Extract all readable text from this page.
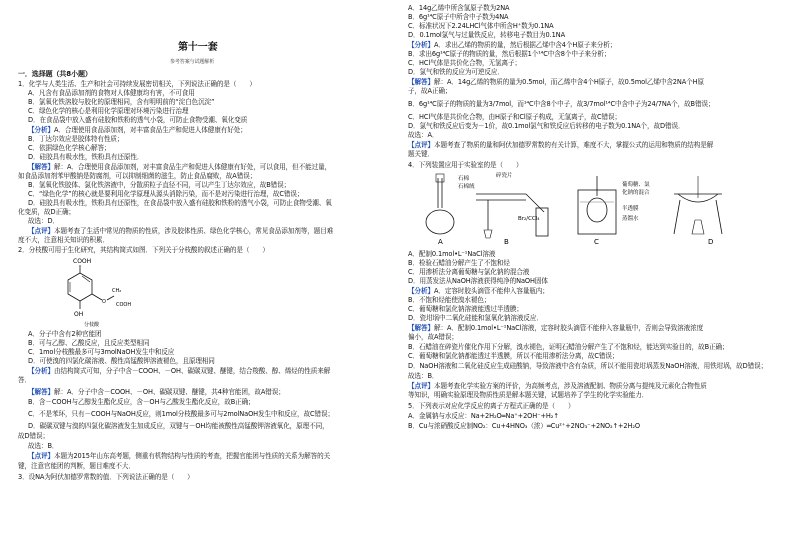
第十一套
参考答案与试题解析
一．选择题（共8小题）
1．化学与人类生活、生产和社会可持续发展密切相关，下列说法正确的是（　　）
A．凡含有食品添加剂的食物对人体健康均有害，不可食用
B．氯氧化铁溶胶与胶化的原理相同，含有明明前的“淀白色沉淀”
C．绿色化学的核心是利用化学原理对环境污染进行治理
D．在食品袋中放入盛有硅胶和铁粉的透气小袋，可防止食物受潮、氧化变质
【分析】A．合理使用食品添加剂，对丰富食品生产和促进人体健康有好处；
B．丁达尔效应是胶体特有性质；
C．依据绿色化学核心解答；
D．硅胶具有吸水性，铁粉具有还原性．
【解答】解：A．合理使用食品添加剂，对丰富食品生产和促进人体健康有好处，可以食用，但不能过量，
如食品添加剂苯甲酸钠是防腐剂，可以抑制细菌的滋生，防止食品腐败，故A错误；
B．氢氧化铁胶体、氯化铁溶液中，分散质粒子直径不同，可以产生丁达尔效应，故B错误；
C．“绿色化学”的核心就是要利用化学原理从源头消除污染，而不是对污染进行治理，故C错误；
D．硅胶具有吸水性，铁粉具有还原性，在食品袋中放入盛有硅胶和铁粉的透气小袋，可防止食物受潮、氧
化变质，故D正确；
故选：D．
【点评】本题考查了生活中常见的物质的性质，涉及胶体性质、绿色化学核心，常见食品添加剂等，题目难
度不大，注意相关知识的积累．
2．分枝酸可用于生化研究，其结构简式如图．下列关于分枝酸的叙述正确的是（　　）
COOH
O
CH₂
COOH
OH
分枝酸
A．分子中含有2种官能团
B．可与乙醇、乙酸反应，且反应类型相同
C．1mol分枝酸最多可与3molNaOH发生中和反应
D．可使溴的四氯化碳溶液、酸性高锰酸钾溶液褪色，且原理相同
【分析】由结构简式可知，分子中含－COOH、－OH、碳碳双键、醚键，结合羧酸、醇、烯烃的性质来解
答．
【解答】解：A．分子中含－COOH、－OH、碳碳双键、醚键，共4种官能团，故A错误；
B．含－COOH与乙醇发生酯化反应，含－OH与乙酸发生酯化反应，故B正确；
C．不是苯环，只有－COOH与NaOH反应，则1mol分枝酸最多可与2molNaOH发生中和反应，故C错误；
D．碳碳双键与溴的四氯化碳溶液发生加成反应，双键与－OH均能被酸性高锰酸钾溶液氧化，原理不同，
故D错误；
故选：B．
【点评】本题为2015年山东高考题，侧重有机物结构与性质的考查，把握官能团与性质的关系为解答的关
键，注意官能团的判断，题目难度不大．
3．设NA为阿伏加德罗常数的值．下列说法正确的是（　　）
A．14g乙烯中所含氢原子数为2NA
B．6g¹⁴C原子中所含中子数为4NA
C．标准状况下2.24LHCl气体中所含H⁺数为0.1NA
D．0.1mol氯气与过量铁反应，转移电子数目为0.1NA
【分析】A．求出乙烯的物质的量，然后根据乙烯中含4个H原子来分析；
B．求出6g¹⁴C原子的物质的量，然后根据1个¹⁴C中含8个中子来分析；
C．HCl气体是共价化合物，无氢离子；
D．氯气和铁的反应为可逆反应．
【解答】解：A．14g乙烯的物质的量为0.5mol，而乙烯中含4个H原子，故0.5mol乙烯中含2NA个H原
子，故A正确；
B．6g¹⁴C原子的物质的量为3/7mol，而¹⁴C中含8个中子，故3/7mol¹⁴C中含中子为24/7NA个，故B错误；
C．HCl气体是共价化合物，由H原子和Cl原子构成，无氢离子，故C错误；
D．氯气和铁反应后变为－1价，故0.1mol氯气和铁反应后转移的电子数为0.1NA个，故D错误．
故选：A．
【点评】本题考查了物质的量和阿伏加德罗常数的有关计算，难度不大，掌握公式的运用和物质的结构是解
题关键．
4．下列装置应用于实验室的是（　　）
A
石棉
石棉绒
碎瓷片
Br₂/CCl₄
B
葡萄糖、氯
化钠的混合
半透膜
蒸馏水
C	D
A．配制0.1mol•L⁻¹NaCl溶液
B．检验石蜡油分解产生了不饱和烃
C．用渗析法分离葡萄糖与氯化钠的混合液
D．用蒸发法从NaOH溶液获得纯净的NaOH固体
【分析】A．定容时胶头滴管不能伸入容量瓶内；
B．不饱和烃能使溴水褪色；
C．葡萄糖和氯化钠溶液能透过半透膜；
D．瓷坩埚中二氧化硅能和氢氧化钠溶液反应．
【解答】解：A．配制0.1mol•L⁻¹NaCl溶液，定容时胶头滴管不能伸入容量瓶中，否则会导致溶液浓度
偏小，故A错误；
B．石蜡油在碎瓷片催化作用下分解，溴水褪色，证明石蜡油分解产生了不饱和烃，能达到实验目的，故B正确；
C．葡萄糖和氯化钠都能透过半透膜，所以不能用渗析法分离，故C错误；
D．NaOH溶液和二氧化硅反应生成硅酸钠，导致溶液中含有杂质，所以不能用瓷坩埚蒸发NaOH溶液，用铁坩埚，故D错误；
故选：B．
【点评】本题考查化学实验方案的评价，为高频考点，涉及溶液配制、物质分离与提纯及元素化合物性质
等知识，明确实验原理及物质性质是解本题关键，试题培养了学生的化学实验能力．
5．下列表示对应化学反应的离子方程式正确的是（　　）
A．金属钠与水反应：Na+2H₂O═Na⁺+2OH⁻+H₂↑
B．Cu与浓硝酸反应制NO₂：Cu+4HNO₃（浓）═Cu²⁺+2NO₃⁻+2NO₂↑+2H₂O
